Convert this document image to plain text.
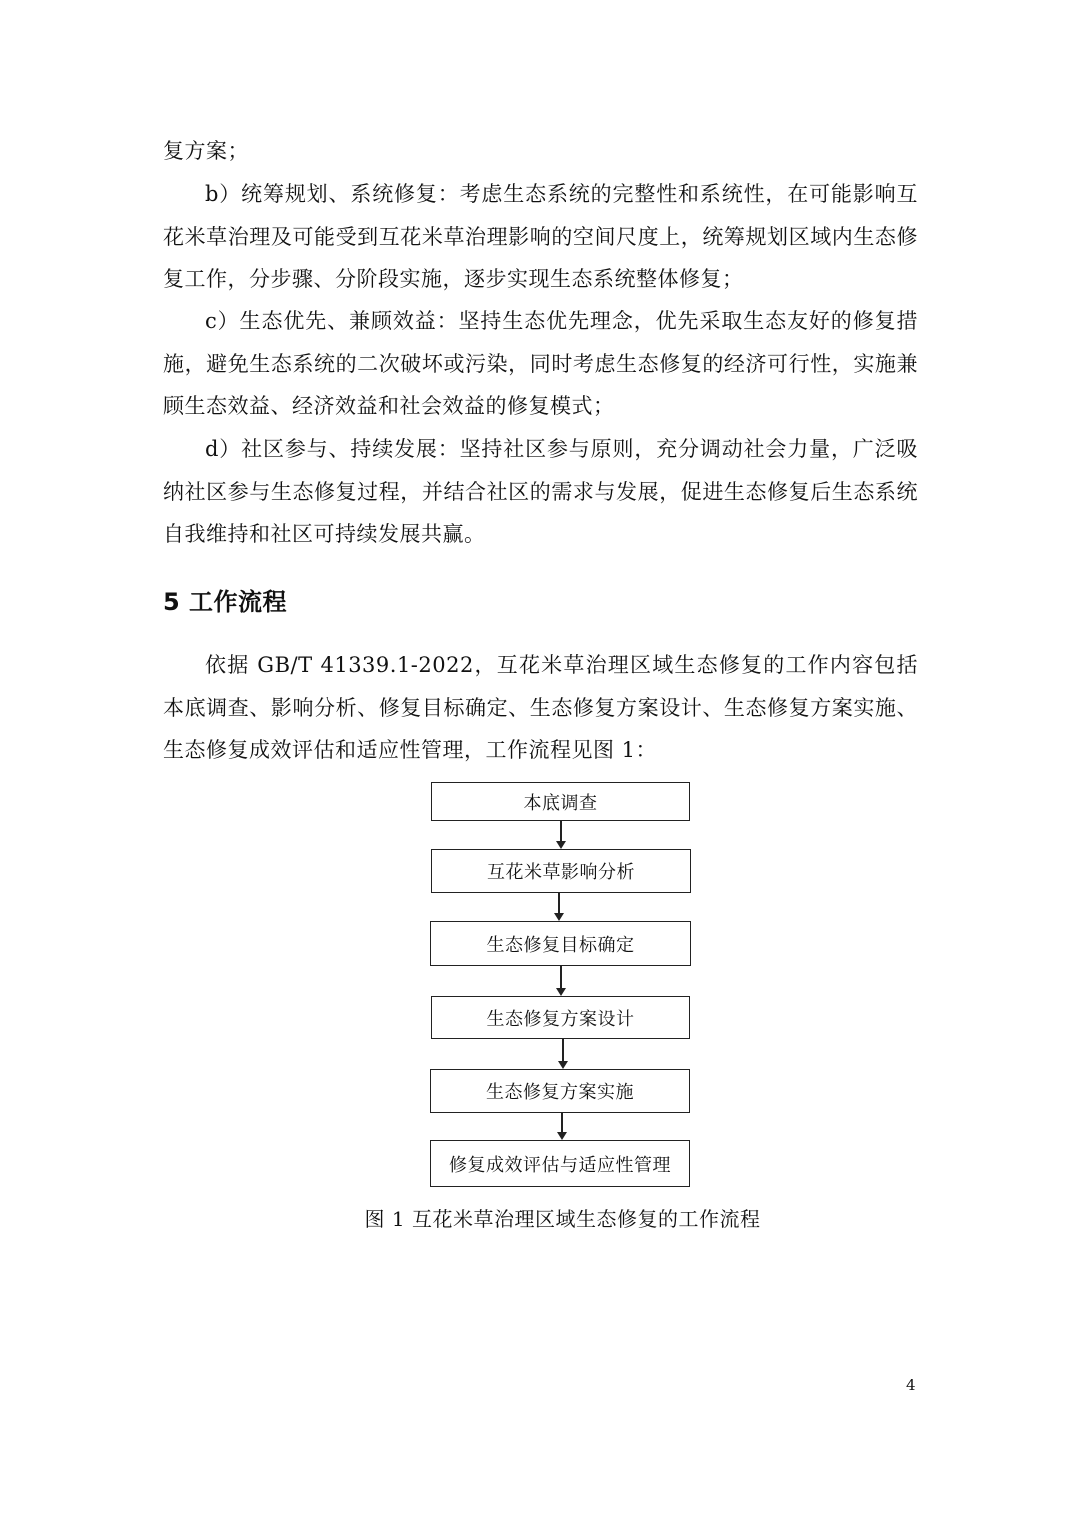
复方案；

b）统筹规划、系统修复：考虑生态系统的完整性和系统性，在可能影响互花米草治理及可能受到互花米草治理影响的空间尺度上，统筹规划区域内生态修复工作，分步骤、分阶段实施，逐步实现生态系统整体修复；

c）生态优先、兼顾效益：坚持生态优先理念，优先采取生态友好的修复措施，避免生态系统的二次破坏或污染，同时考虑生态修复的经济可行性，实施兼顾生态效益、经济效益和社会效益的修复模式；

d）社区参与、持续发展：坚持社区参与原则，充分调动社会力量，广泛吸纳社区参与生态修复过程，并结合社区的需求与发展，促进生态修复后生态系统自我维持和社区可持续发展共赢。

5 工作流程

依据 GB/T 41339.1-2022，互花米草治理区域生态修复的工作内容包括本底调查、影响分析、修复目标确定、生态修复方案设计、生态修复方案实施、生态修复成效评估和适应性管理，工作流程见图 1：

本底调查
互花米草影响分析
生态修复目标确定
生态修复方案设计
生态修复方案实施
修复成效评估与适应性管理

图 1 互花米草治理区域生态修复的工作流程

4
